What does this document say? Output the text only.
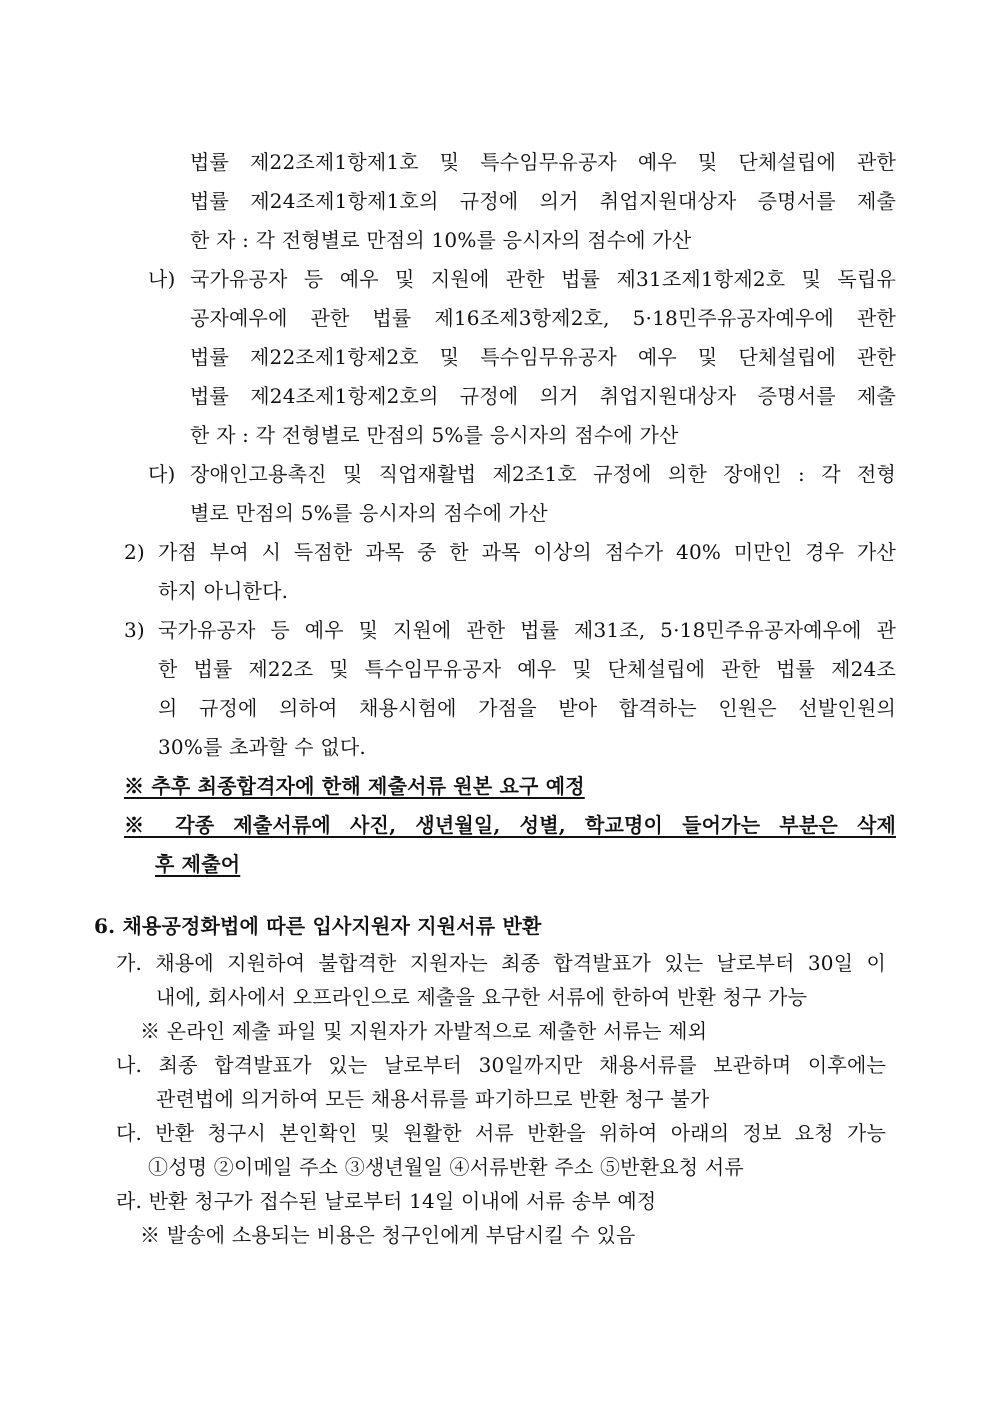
법률 제22조제1항제1호 및 특수임무유공자 예우 및 단체설립에 관한
법률 제24조제1항제1호의 규정에 의거 취업지원대상자 증명서를 제출
한 자 : 각 전형별로 만점의 10%를 응시자의 점수에 가산
나) 국가유공자 등 예우 및 지원에 관한 법률 제31조제1항제2호 및 독립유
공자예우에 관한 법률 제16조제3항제2호, 5·18민주유공자예우에 관한
법률 제22조제1항제2호 및 특수임무유공자 예우 및 단체설립에 관한
법률 제24조제1항제2호의 규정에 의거 취업지원대상자 증명서를 제출
한 자 : 각 전형별로 만점의 5%를 응시자의 점수에 가산
다) 장애인고용촉진 및 직업재활법 제2조1호 규정에 의한 장애인 : 각 전형
별로 만점의 5%를 응시자의 점수에 가산
2) 가점 부여 시 득점한 과목 중 한 과목 이상의 점수가 40% 미만인 경우 가산
하지 아니한다.
3) 국가유공자 등 예우 및 지원에 관한 법률 제31조, 5·18민주유공자예우에 관
한 법률 제22조 및 특수임무유공자 예우 및 단체설립에 관한 법률 제24조
의 규정에 의하여 채용시험에 가점을 받아 합격하는 인원은 선발인원의
30%를 초과할 수 없다.
※ 추후 최종합격자에 한해 제출서류 원본 요구 예정
※ 각종 제출서류에 사진, 생년월일, 성별, 학교명이 들어가는 부분은 삭제
후 제출어
6. 채용공정화법에 따른 입사지원자 지원서류 반환
가. 채용에 지원하여 불합격한 지원자는 최종 합격발표가 있는 날로부터 30일 이
내에, 회사에서 오프라인으로 제출을 요구한 서류에 한하여 반환 청구 가능
※ 온라인 제출 파일 및 지원자가 자발적으로 제출한 서류는 제외
나. 최종 합격발표가 있는 날로부터 30일까지만 채용서류를 보관하며 이후에는
관련법에 의거하여 모든 채용서류를 파기하므로 반환 청구 불가
다. 반환 청구시 본인확인 및 원활한 서류 반환을 위하여 아래의 정보 요청 가능
①성명 ②이메일 주소 ③생년월일 ④서류반환 주소 ⑤반환요청 서류
라. 반환 청구가 접수된 날로부터 14일 이내에 서류 송부 예정
※ 발송에 소용되는 비용은 청구인에게 부담시킬 수 있음
